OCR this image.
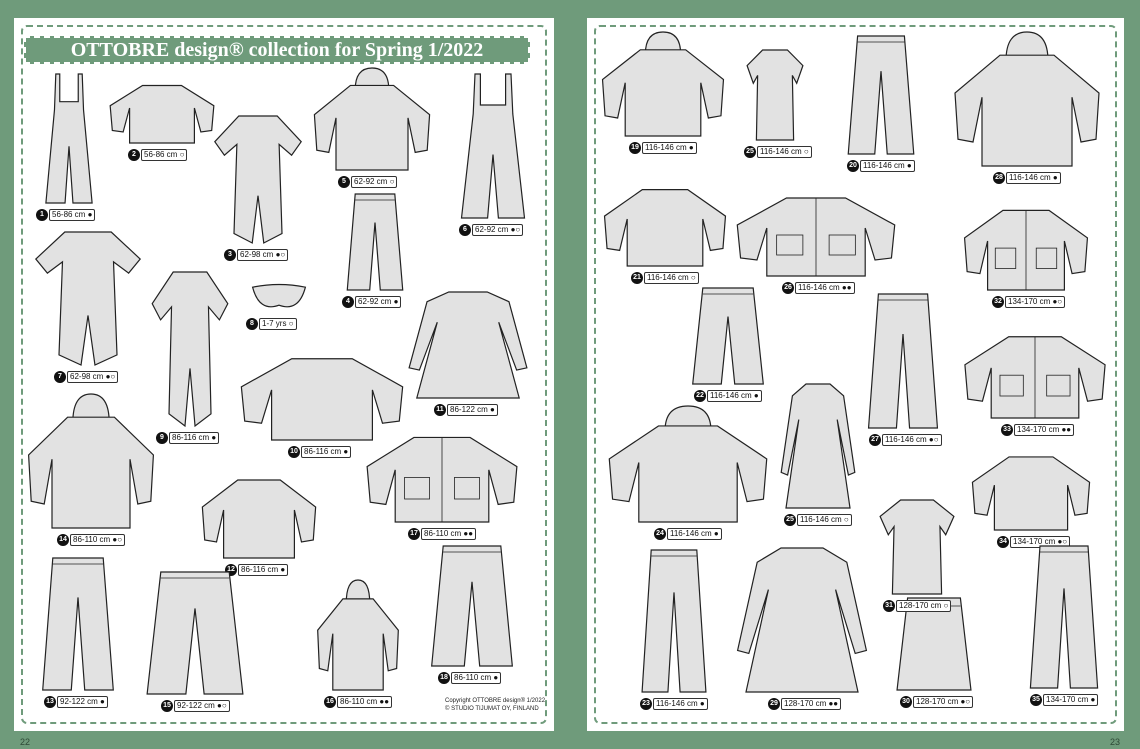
OTTOBRE design® collection for Spring 1/2022
1	56-86 cm ●
2	56-86 cm ○
3	62-98 cm ●○
4	62-92 cm ●
5	62-92 cm ○
6	62-92 cm ●○
7	62-98 cm ●○
8	1-7 yrs ○
9	86-116 cm ●
10 86-116 cm ●
11 86-122 cm ●
12 86-116 cm ●
13 92-122 cm ●
14 86-110 cm ●○
15 92-122 cm ●○	16 86-110 cm ●●
17 86-110 cm ●●
18 86-110 cm ●
19 116-146 cm ●
20 116-146 cm ●
21 116-146 cm ○
22 116-146 cm ●
23 116-146 cm ●
24 116-146 cm ●
25 116-146 cm ○
25 116-146 cm ○
26 116-146 cm ●●
27 116-146 cm ●○
28 116-146 cm ●
29 128-170 cm ●●	30 128-170 cm ●○
31 128-170 cm ○
32 134-170 cm ●○
33 134-170 cm ●●
34 134-170 cm ●○
35 134-170 cm ●
Copyright OTTOBRE design® 1/2022
© STUDIO TIJUMAT OY, FINLAND
22	23
